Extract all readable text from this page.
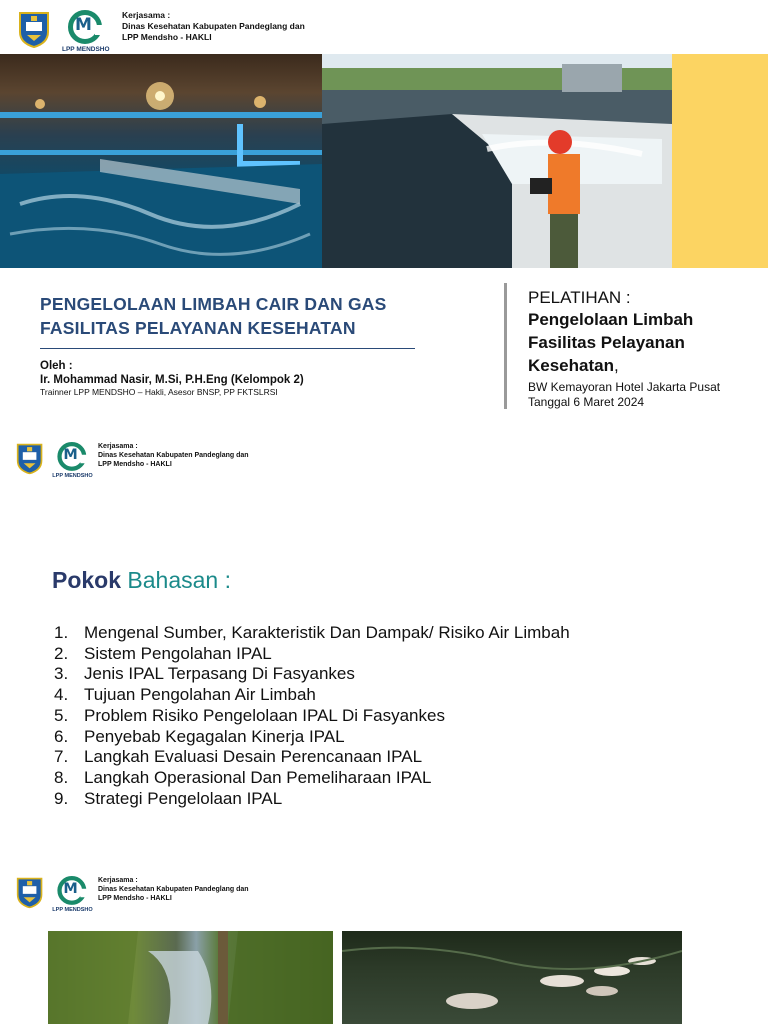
M
LPP MENDSHO
Kerjasama :
Dinas Kesehatan Kabupaten Pandeglang dan
LPP Mendsho - HAKLI
PENGELOLAAN LIMBAH CAIR DAN GAS
FASILITAS PELAYANAN KESEHATAN
Oleh :
Ir. Mohammad Nasir, M.Si, P.H.Eng (Kelompok 2)
Trainner LPP MENDSHO – Hakli, Asesor BNSP, PP FKTSLRSI
PELATIHAN :
Pengelolaan Limbah
Fasilitas Pelayanan
Kesehatan,
BW Kemayoran Hotel Jakarta Pusat
Tanggal 6 Maret 2024
M
LPP MENDSHO
Kerjasama :
Dinas Kesehatan Kabupaten Pandeglang dan
LPP Mendsho - HAKLI
Pokok Bahasan :
1. Mengenal Sumber, Karakteristik Dan Dampak/ Risiko Air Limbah
2. Sistem Pengolahan IPAL
3. Jenis IPAL Terpasang Di Fasyankes
4. Tujuan Pengolahan Air Limbah
5. Problem Risiko Pengelolaan IPAL Di Fasyankes
6. Penyebab Kegagalan Kinerja IPAL
7. Langkah Evaluasi Desain Perencanaan IPAL
8. Langkah Operasional Dan Pemeliharaan IPAL
9. Strategi Pengelolaan IPAL
M
LPP MENDSHO
Kerjasama :
Dinas Kesehatan Kabupaten Pandeglang dan
LPP Mendsho - HAKLI
